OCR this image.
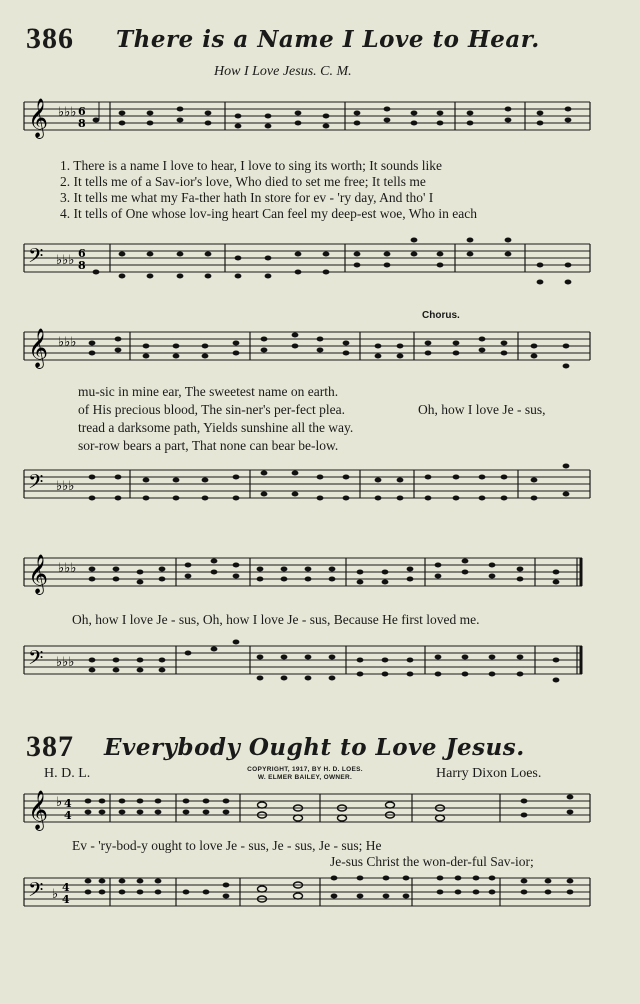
386 There is a Name I Love to Hear.
How I Love Jesus. C. M.
𝄞 ♭♭♭ 6
8
1. There is a name I love to hear, I love to sing its worth; It sounds like
2. It tells me of a Sav-ior's love, Who died to set me free; It tells me
3. It tells me what my Fa-ther hath In store for ev - 'ry day, And tho' I
4. It tells of One whose lov-ing heart Can feel my deep-est woe, Who in each
𝄢 ♭♭♭ 6
8
Chorus.
𝄞 ♭♭♭
mu-sic in mine ear, The sweetest name on earth.
of His precious blood, The sin-ner's per-fect plea.	Oh, how I love Je - sus,
tread a darksome path, Yields sunshine all the way.
sor-row bears a part, That none can bear be-low.
𝄢 ♭♭♭
𝄞 ♭♭♭
Oh, how I love Je - sus, Oh, how I love Je - sus, Because He first loved me.
𝄢 ♭♭♭
387 Everybody Ought to Love Jesus.
H. D. L.	COPYRIGHT, 1917, BY H. D. LOES.
W. ELMER BAILEY, OWNER.	Harry Dixon Loes.
𝄞 ♭ 4
4
Ev - 'ry-bod-y ought to love Je - sus, Je - sus, Je - sus; He
Je-sus Christ the won-der-ful Sav-ior;
𝄢 ♭ 4
4
